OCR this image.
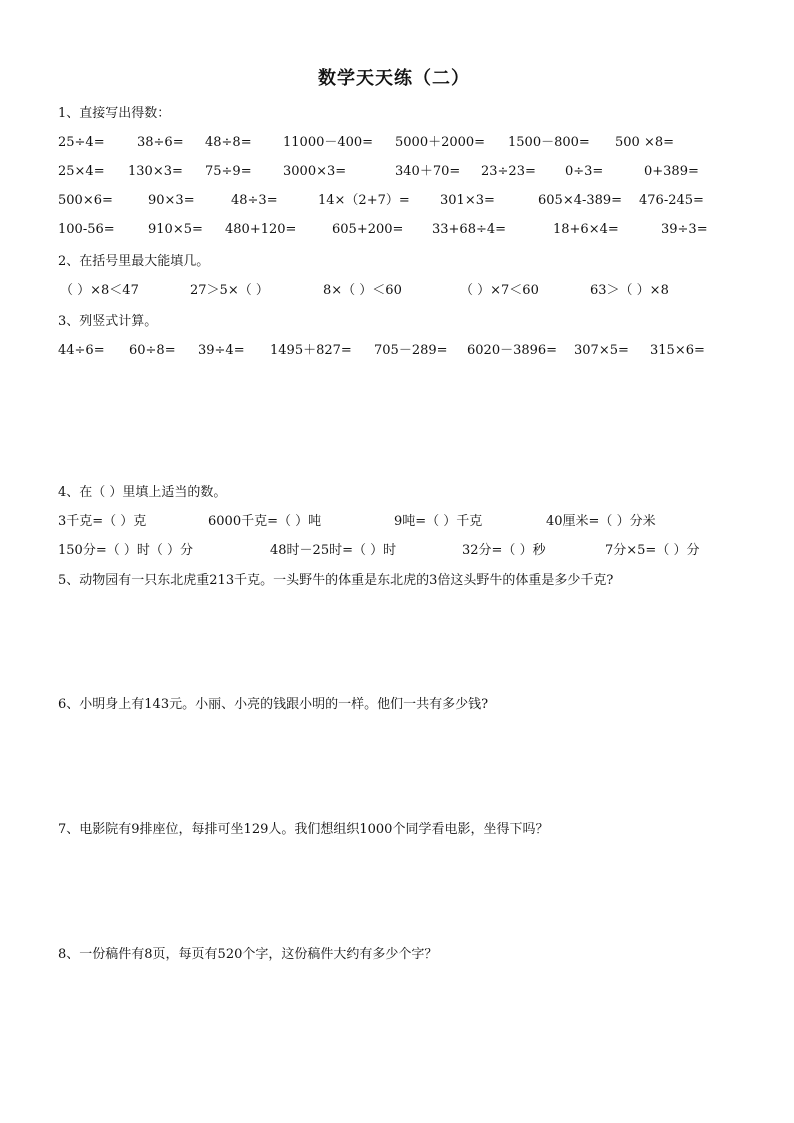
数学天天练（二）
1、直接写出得数：
25÷4= 38÷6= 48÷8= 11000－400= 5000＋2000= 1500－800= 500 ×8=
25×4= 130×3= 75÷9= 3000×3=	340＋70= 23÷23= 0÷3=	0+389=
500×6=	90×3=	48÷3=	14×（2+7）= 301×3=	605×4-389= 476-245=
100-56=	910×5= 480+120=	605+200= 33+68÷4=	18+6×4=	39÷3=
2、在括号里最大能填几。
（ ）×8＜47	27＞5×（ ）	8×（ ）＜60	（ ）×7＜60	63＞（ ）×8
3、列竖式计算。
44÷6= 60÷8= 39÷4= 1495＋827= 705－289= 6020－3896= 307×5= 315×6=
4、在（ ）里填上适当的数。
3千克=（ ）克	6000千克=（ ）吨	9吨=（ ）千克	40厘米=（ ）分米
150分=（ ）时（ ）分	48时－25时=（ ）时	32分=（ ）秒	7分×5=（ ）分
5、动物园有一只东北虎重213千克。一头野牛的体重是东北虎的3倍这头野牛的体重是多少千克?
6、小明身上有143元。小丽、小亮的钱跟小明的一样。他们一共有多少钱?
7、电影院有9排座位，每排可坐129人。我们想组织1000个同学看电影，坐得下吗？
8、一份稿件有8页，每页有520个字，这份稿件大约有多少个字？
